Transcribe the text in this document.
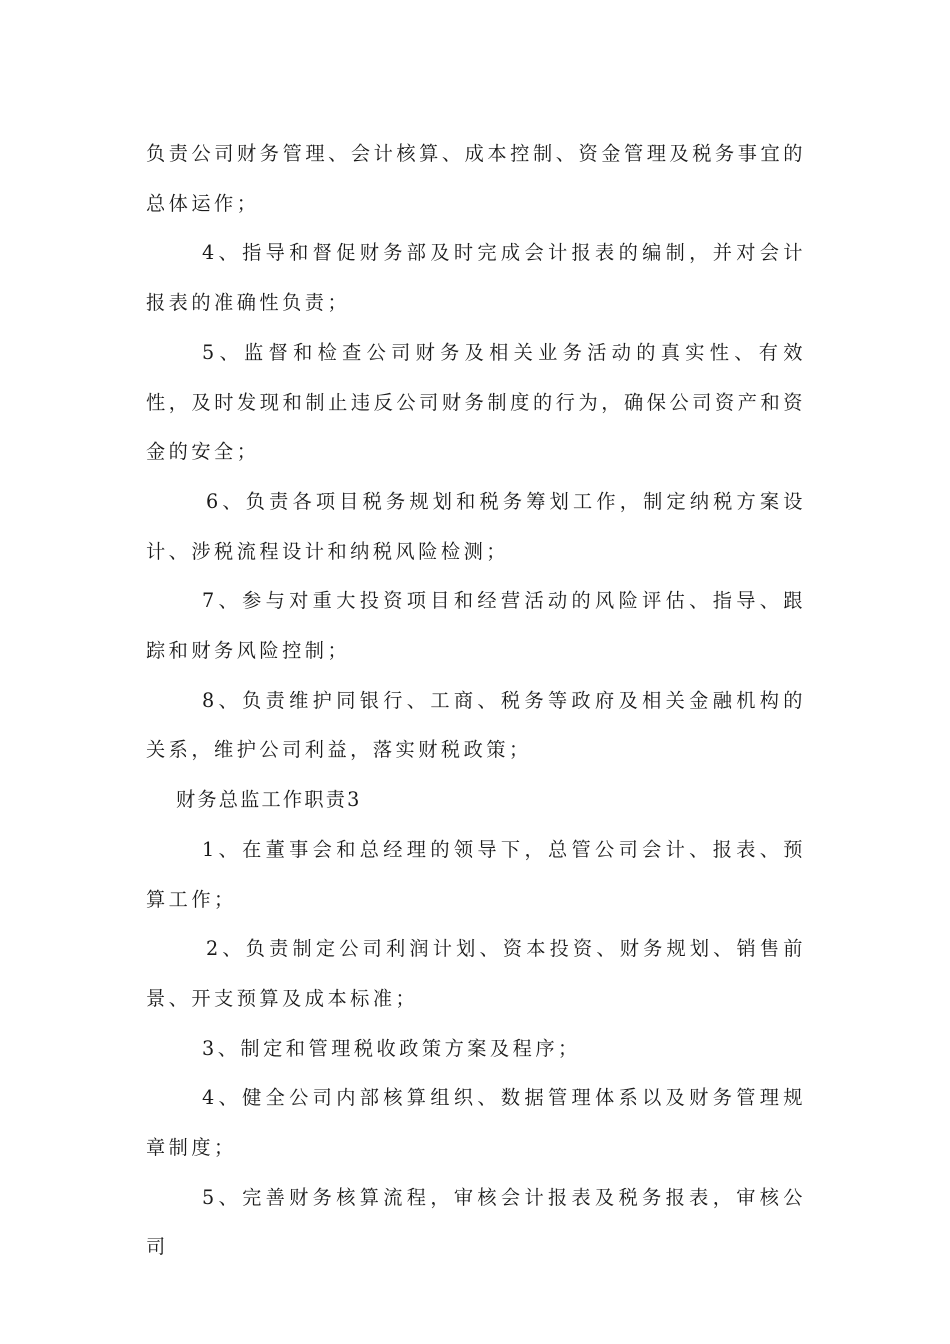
负责公司财务管理、会计核算、成本控制、资金管理及税务事宜的总体运作；

4、指导和督促财务部及时完成会计报表的编制，并对会计报表的准确性负责；

5、监督和检查公司财务及相关业务活动的真实性、有效性，及时发现和制止违反公司财务制度的行为，确保公司资产和资金的安全；

6、负责各项目税务规划和税务筹划工作，制定纳税方案设计、涉税流程设计和纳税风险检测；

7、参与对重大投资项目和经营活动的风险评估、指导、跟踪和财务风险控制；

8、负责维护同银行、工商、税务等政府及相关金融机构的关系，维护公司利益，落实财税政策；

财务总监工作职责3

1、在董事会和总经理的领导下，总管公司会计、报表、预算工作；

2、负责制定公司利润计划、资本投资、财务规划、销售前景、开支预算及成本标准；

3、制定和管理税收政策方案及程序；

4、健全公司内部核算组织、数据管理体系以及财务管理规章制度；

5、完善财务核算流程，审核会计报表及税务报表，审核公司
